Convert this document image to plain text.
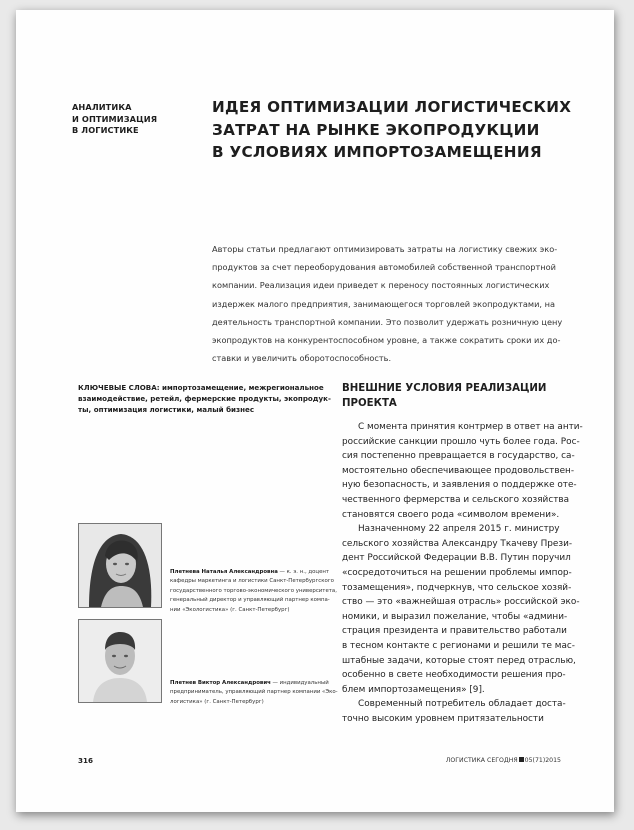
АНАЛИТИКА
И ОПТИМИЗАЦИЯ
В ЛОГИСТИКЕ
ИДЕЯ ОПТИМИЗАЦИИ ЛОГИСТИЧЕСКИХ
ЗАТРАТ НА РЫНКЕ ЭКОПРОДУКЦИИ
В УСЛОВИЯХ ИМПОРТОЗАМЕЩЕНИЯ
Авторы статьи предлагают оптимизировать затраты на логистику свежих эко-
продуктов за счет переоборудования автомобилей собственной транспортной
компании. Реализация идеи приведет к переносу постоянных логистических
издержек малого предприятия, занимающегося торговлей экопродуктами, на
деятельность транспортной компании. Это позволит удержать розничную цену
экопродуктов на конкурентоспособном уровне, а также сократить сроки их до-
ставки и увеличить оборотоспособность.
КЛЮЧЕВЫЕ СЛОВА: импортозамещение, межрегиональное
взаимодействие, ретейл, фермерские продукты, экопродук-
ты, оптимизация логистики, малый бизнес
Плетнева Наталья Александровна — к. э. н., доцент
кафедры маркетинга и логистики Санкт-Петербургского
государственного торгово-экономического университета,
генеральный директор и управляющий партнер компа-
нии «Экологистика» (г. Санкт-Петербург)
Плетнев Виктор Александрович — индивидуальный
предприниматель, управляющий партнер компании «Эко-
логистика» (г. Санкт-Петербург)
ВНЕШНИЕ УСЛОВИЯ РЕАЛИЗАЦИИ
ПРОЕКТА
С момента принятия контрмер в ответ на анти-
российские санкции прошло чуть более года. Рос-
сия постепенно превращается в государство, са-
мостоятельно обеспечивающее продовольствен-
ную безопасность, и заявления о поддержке оте-
чественного фермерства и сельского хозяйства
становятся своего рода «символом времени».
Назначенному 22 апреля 2015 г. министру
сельского хозяйства Александру Ткачеву Прези-
дент Российской Федерации В.В. Путин поручил
«сосредоточиться на решении проблемы импор-
тозамещения», подчеркнув, что сельское хозяй-
ство — это «важнейшая отрасль» российской эко-
номики, и выразил пожелание, чтобы «админи-
страция президента и правительство работали
в тесном контакте с регионами и решили те мас-
штабные задачи, которые стоят перед отраслью,
особенно в свете необходимости решения про-
блем импортозамещения» [9].
Современный потребитель обладает доста-
точно высоким уровнем притязательности
316	ЛОГИСТИКА СЕГОДНЯ 05(71)2015
